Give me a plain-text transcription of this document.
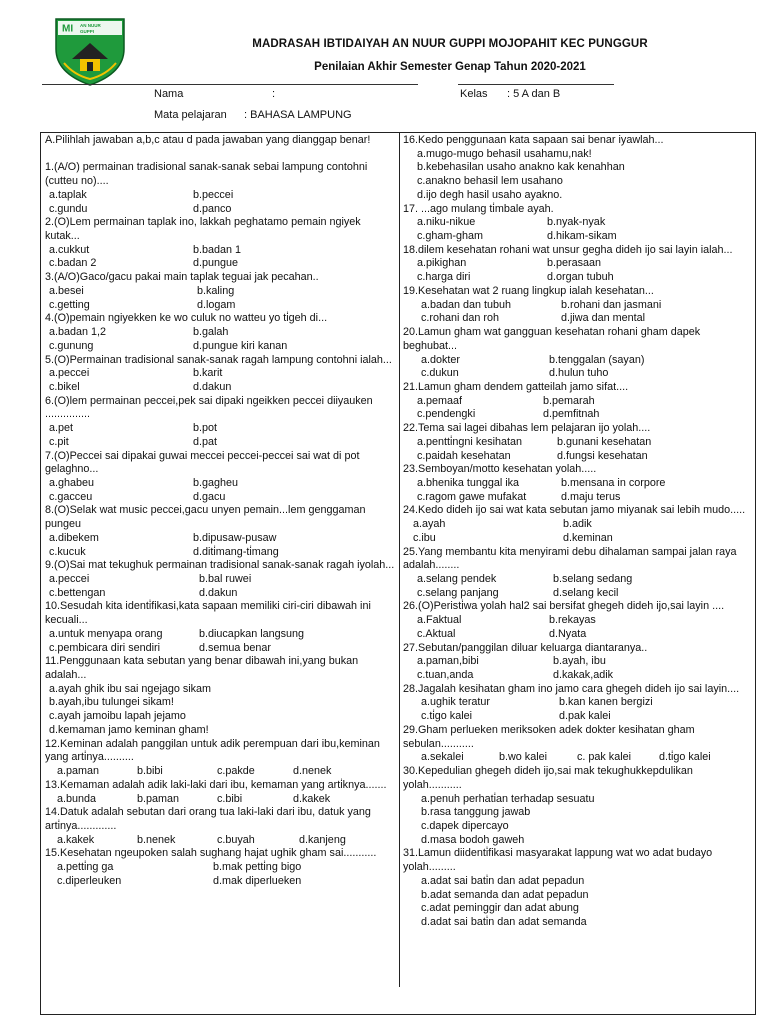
MI AN NUUR
GUPPI
MADRASAH IBTIDAIYAH AN NUUR GUPPI MOJOPAHIT KEC PUNGGUR
Penilaian Akhir Semester Genap Tahun 2020-2021
Nama	:	Kelas : 5 A dan B
Mata pelajaran : BAHASA LAMPUNG
A.Pilihlah jawaban a,b,c atau d pada jawaban yang dianggap benar!
1.(A/O) permainan tradisional sanak-sanak sebai lampung contohni (cutteu no)....
a.taplak	b.peccei
c.gundu	d.panco
2.(O)Lem permainan taplak ino, lakkah peghatamo pemain ngiyek kutak...
a.cukkut	b.badan 1
c.badan 2	d.pungue
3.(A/O)Gaco/gacu pakai main taplak teguai jak pecahan..
a.besei	b.kaling
c.getting	d.logam
4.(O)pemain ngiyekken ke wo culuk no watteu yo ti̇geh di...
a.badan 1,2	b.galah
c.gunung	d.pungue kiri kanan
5.(O)Permainan tradisional sanak-sanak ragah lampung contohni ialah...
a.peccei	b.karit
c.bikel	d.dakun
6.(O)lem permainan peccei,pek sai dipaki ngeikken peccei diiyauken ...............
a.pet	b.pot
c.pit	d.pat
7.(O)Peccei sai dipakai guwai meccei peccei-peccei sai wat di pot gelaghno...
a.ghabeu	b.gagheu
c.gacceu	d.gacu
8.(O)Selak wat music peccei,gacu unyen pemain...lem genggaman pungeu
a.dibekem	b.dipusaw-pusaw
c.kucuk	d.diti̇mang-ti̇mang
9.(O)Sai mat tekughuk permainan tradisional sanak-sanak ragah iyolah...
a.peccei	b.bal ruwei
c.bettengan	d.dakun
10.Sesudah kita identi̇fikasi,kata sapaan memiliki ciri-ciri dibawah ini kecuali...
a.untuk menyapa orang	b.diucapkan langsung
c.pembicara diri sendiri	d.semua benar
11.Penggunaan kata sebutan yang benar dibawah ini,yang bukan adalah...
a.ayah ghik ibu sai ngejago sikam
b.ayah,ibu tulungei sikam!
c.ayah jamoibu lapah jejamo
d.kemaman jamo keminan gham!
12.Keminan adalah panggilan untuk adik perempuan dari ibu,keminan yang arti̇nya..........
a.paman	b.bibi	c.pakde	d.nenek
13.Kemaman adalah adik laki-laki dari ibu, kemaman yang arti̇knya.......
a.bunda	b.paman	c.bibi	d.kakek
14.Datuk adalah sebutan dari orang tua laki-laki dari ibu, datuk yang arti̇nya.............
a.kakek	b.nenek	c.buyah	d.kanjeng
15.Kesehatan ngeupoken salah sughang hajat ughik gham sai...........
a.petti̇ng ga	b.mak petti̇ng bigo
c.diperleuken	d.mak diperlueken
16.Kedo penggunaan kata sapaan sai benar iyawlah...
a.mugo-mugo behasil usahamu,nak!
b.kebehasilan usaho anakno kak kenahhan
c.anakno behasil lem usahano
d.ijo degh hasil usaho ayakno.
17. ...ago mulang ti̇mbale ayah.
a.niku-nikue	b.nyak-nyak
c.gham-gham	d.hikam-sikam
18.dilem kesehatan rohani wat unsur gegha dideh ijo sai layin ialah...
a.pikighan	b.perasaan
c.harga diri	d.organ tubuh
19.Kesehatan wat 2 ruang lingkup ialah kesehatan...
a.badan dan tubuh	b.rohani dan jasmani
c.rohani dan roh	d.jiwa dan mental
20.Lamun gham wat gangguan kesehatan rohani gham dapek beghubat...
a.dokter	b.tenggalan (sayan)
c.dukun	d.hulun tuho
21.Lamun gham dendem gatteilah jamo sifat....
a.pemaaf	b.pemarah
c.pendengki	d.pemfitnah
22.Tema sai lagei dibahas lem pelajaran ijo yolah....
a.pentti̇ngni kesihatan	b.gunani kesehatan
c.paidah kesehatan	d.fungsi kesehatan
23.Semboyan/motto kesehatan yolah.....
a.bhenika tunggal ika	b.mensana in corpore
c.ragom gawe mufakat	d.maju terus
24.Kedo dideh ijo sai wat kata sebutan jamo miyanak sai lebih mudo.....
a.ayah	b.adik
c.ibu	d.keminan
25.Yang membantu kita menyirami debu dihalaman sampai jalan raya adalah........
a.selang pendek	b.selang sedang
c.selang panjang	d.selang kecil
26.(O)Peristi̇wa yolah hal2 sai bersifat ghegeh dideh ijo,sai layin ....
a.Faktual	b.rekayas
c.Aktual	d.Nyata
27.Sebutan/panggilan diluar keluarga diantaranya..
a.paman,bibi	b.ayah, ibu
c.tuan,anda	d.kakak,adik
28.Jagalah kesihatan gham ino jamo cara ghegeh dideh ijo sai layin....
a.ughik teratur	b.kan kanen bergizi
c.ti̇go kalei	d.pak kalei
29.Gham perlueken meriksoken adek dokter kesihatan gham sebulan...........
a.sekalei	b.wo kalei	c. pak kalei	d.ti̇go kalei
30.Kepedulian ghegeh dideh ijo,sai mak tekughukkepdulikan yolah...........
a.penuh perhati̇an terhadap sesuatu
b.rasa tanggung jawab
c.dapek dipercayo
d.masa bodoh gaweh
31.Lamun diidenti̇fikasi masyarakat lappung wat wo adat budayo yolah.........
a.adat sai bati̇n dan adat pepadun
b.adat semanda dan adat pepadun
c.adat peminggir dan adat abung
d.adat sai bati̇n dan adat semanda
